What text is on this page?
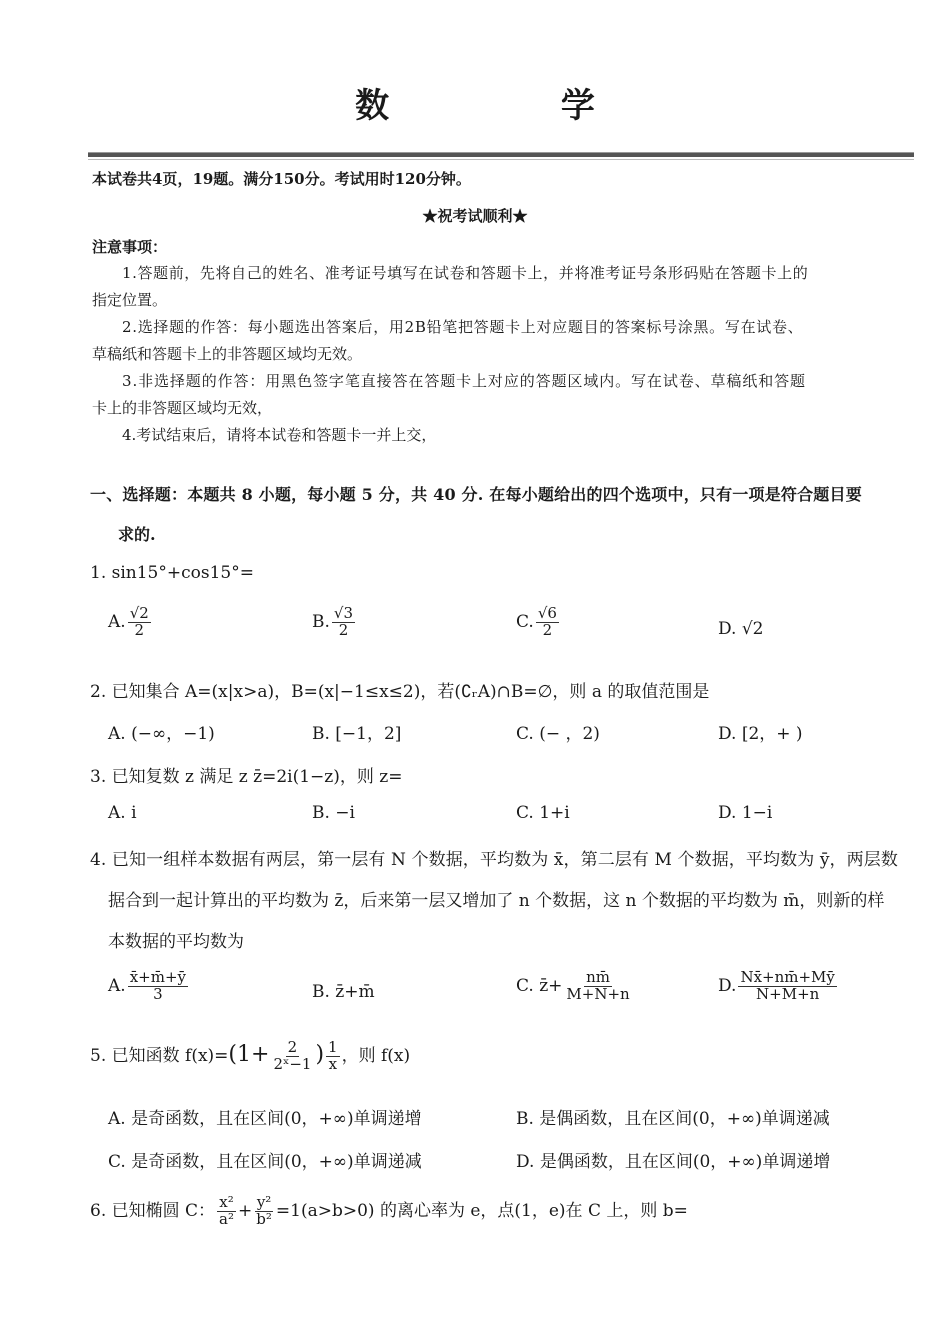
数 学
本试卷共4页，19题。满分150分。考试用时120分钟。
★祝考试顺利★
注意事项：
1.答题前，先将自己的姓名、准考证号填写在试卷和答题卡上，并将准考证号条形码贴在答题卡上的
指定位置。
2.选择题的作答：每小题选出答案后，用2B铅笔把答题卡上对应题目的答案标号涂黑。写在试卷、
草稿纸和答题卡上的非答题区域均无效。
3.非选择题的作答：用黑色签字笔直接答在答题卡上对应的答题区域内。写在试卷、草稿纸和答题
卡上的非答题区域均无效，
4.考试结束后，请将本试卷和答题卡一并上交，
一、选择题：本题共 8 小题，每小题 5 分，共 40 分. 在每小题给出的四个选项中，只有一项是符合题目要
求的.
1. sin15°+cos15°=
A. $\frac{√2}{2}$	B. $\frac{√3}{2}$	C. $\frac{√6}{2}$	D. √2
2. 已知集合 A=(x|x>a)，B=(x|−1≤x≤2)，若(∁ᵣA)∩B=∅，则 a 的取值范围是
A. (−∞，−1)	B. [−1，2]	C. (− ，2)	D. [2，+ )
3. 已知复数 z 满足 z z̄=2i(1−z)，则 z=
A. i	B. −i	C. 1+i	D. 1−i
4. 已知一组样本数据有两层，第一层有 N 个数据，平均数为 x̄，第二层有 M 个数据，平均数为 ȳ，两层数
据合到一起计算出的平均数为 z̄，后来第一层又增加了 n 个数据，这 n 个数据的平均数为 m̄，则新的样
本数据的平均数为
A. $\frac{x̄+m̄+ȳ}{3}$	B. z̄+m̄	C. z̄+ $\frac{nm̄}{M+N+n}$	D. $\frac{Nx̄+nm̄+Mȳ}{N+M+n}$
5. 已知函数 $f(x)=(1+ \frac{2}{\text{2ˣ−1}}$ ) $\frac{1}{x}$ ，则 f(x)
A. 是奇函数，且在区间(0，+∞)单调递增	B. 是偶函数，且在区间(0，+∞)单调递减
C. 是奇函数，且在区间(0，+∞)单调递减	D. 是偶函数，且在区间(0，+∞)单调递增
6. 已知椭圆 C： $\frac{\text{x²}}{\text{a²}} + \frac{\text{y²}}{\text{b²}} =1(a>b>0)$ 的离心率为 e，点(1，e)在 C 上，则 b=
